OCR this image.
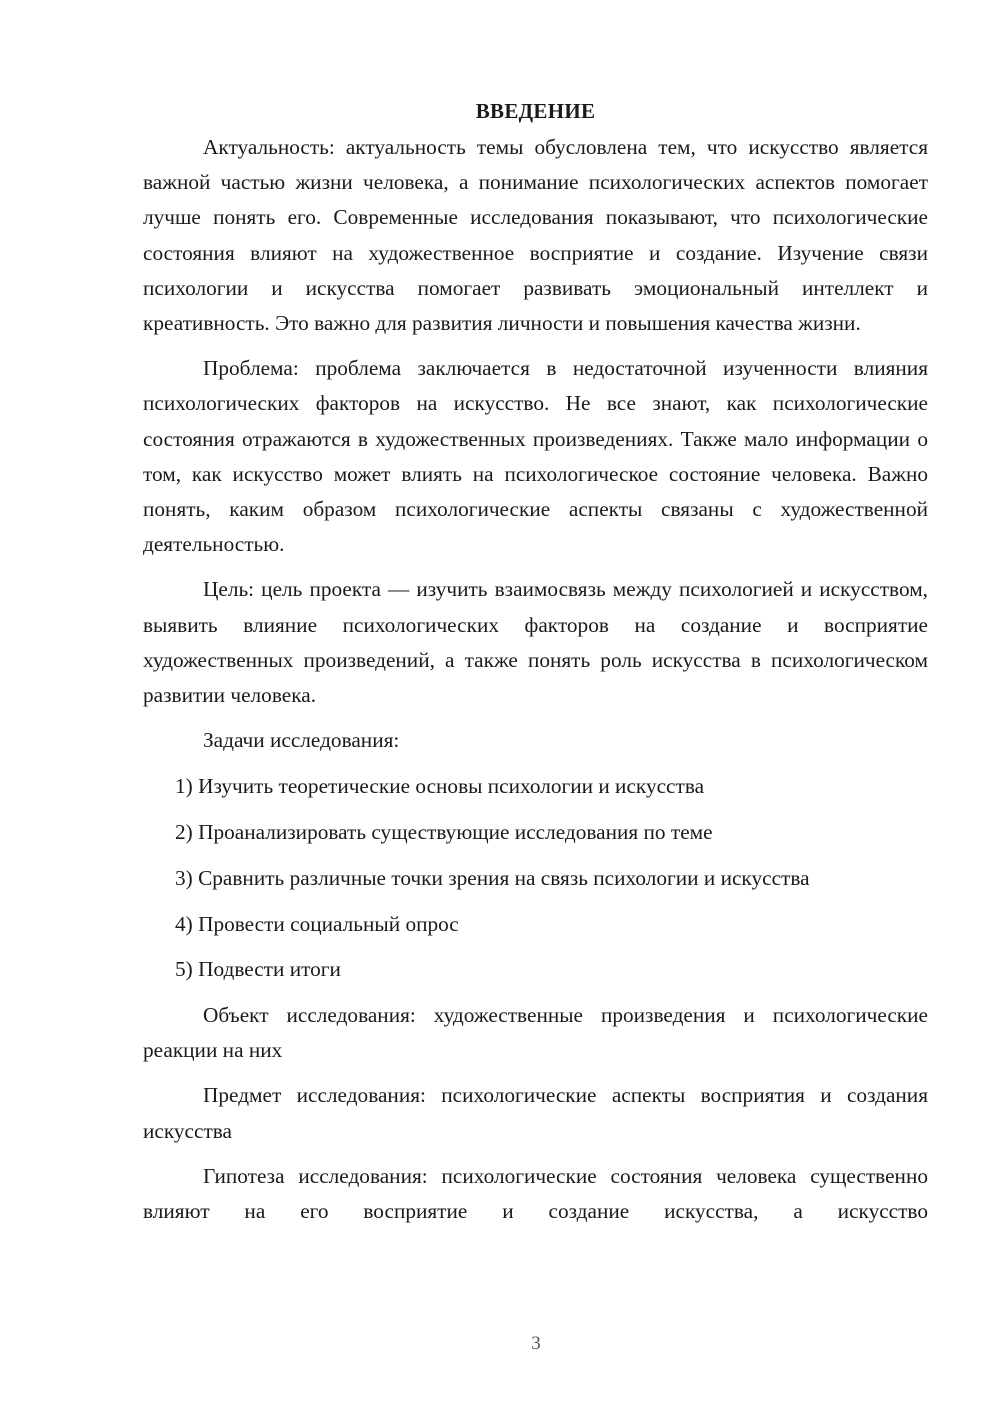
ВВЕДЕНИЕ

Актуальность: актуальность темы обусловлена тем, что искусство является важной частью жизни человека, а понимание психологических аспектов помогает лучше понять его. Современные исследования показывают, что психологические состояния влияют на художественное восприятие и создание. Изучение связи психологии и искусства помогает развивать эмоциональный интеллект и креативность. Это важно для развития личности и повышения качества жизни.

Проблема: проблема заключается в недостаточной изученности влияния психологических факторов на искусство. Не все знают, как психологические состояния отражаются в художественных произведениях. Также мало информации о том, как искусство может влиять на психологическое состояние человека. Важно понять, каким образом психологические аспекты связаны с художественной деятельностью.

Цель: цель проекта — изучить взаимосвязь между психологией и искусством, выявить влияние психологических факторов на создание и восприятие художественных произведений, а также понять роль искусства в психологическом развитии человека.

Задачи исследования:

1) Изучить теоретические основы психологии и искусства
2) Проанализировать существующие исследования по теме
3) Сравнить различные точки зрения на связь психологии и искусства
4) Провести социальный опрос
5) Подвести итоги

Объект исследования: художественные произведения и психологические реакции на них

Предмет исследования: психологические аспекты восприятия и создания искусства

Гипотеза исследования: психологические состояния человека существенно влияют на его восприятие и создание искусства, а искусство

3
